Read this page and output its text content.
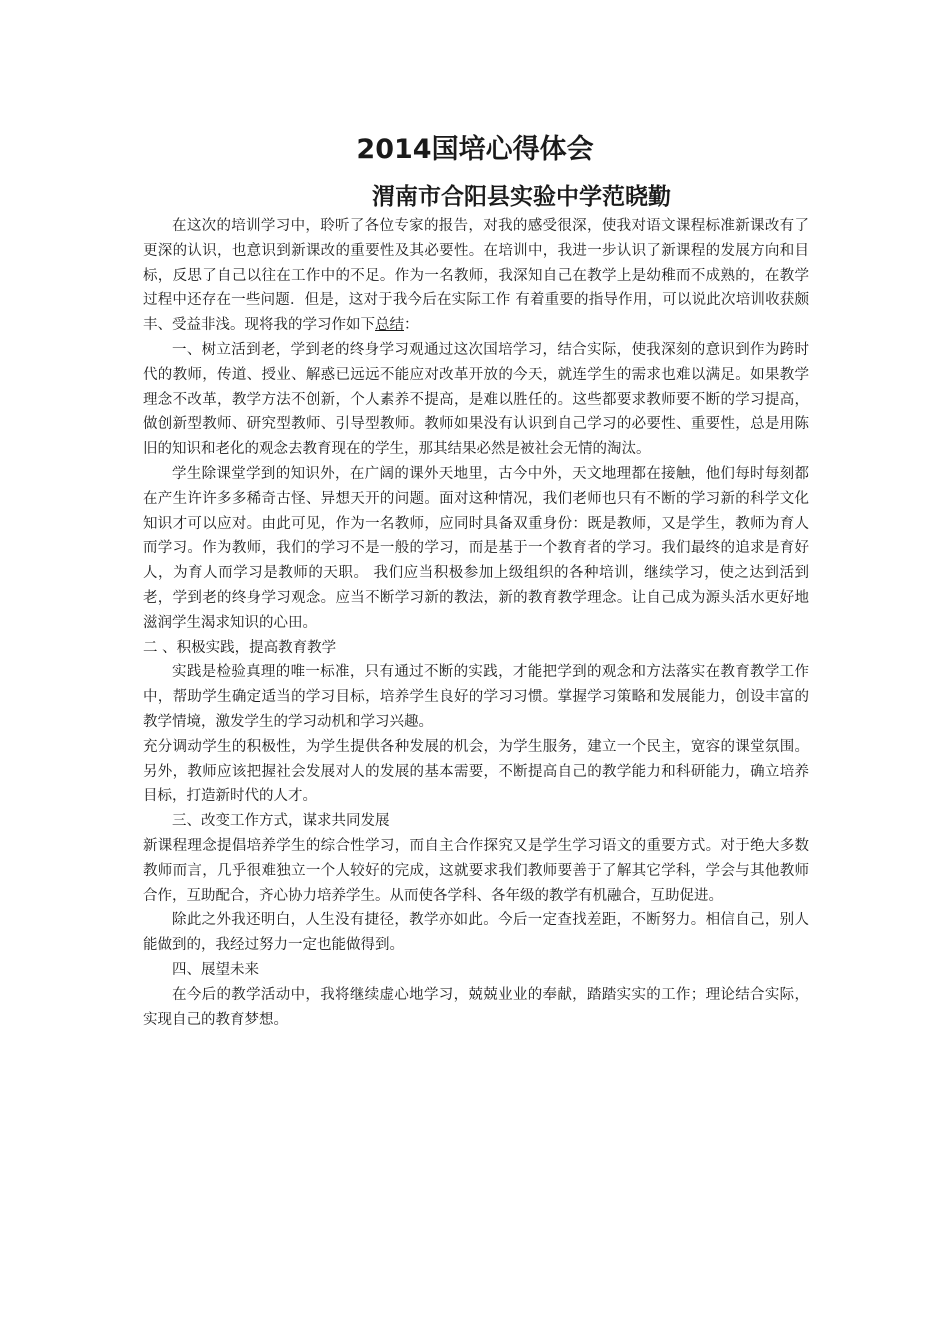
2014国培心得体会
渭南市合阳县实验中学范晓勤

在这次的培训学习中，聆听了各位专家的报告，对我的感受很深，使我对语文课程标准新课改有了更深的认识，也意识到新课改的重要性及其必要性。在培训中，我进一步认识了新课程的发展方向和目标，反思了自己以往在工作中的不足。作为一名教师，我深知自己在教学上是幼稚而不成熟的，在教学过程中还存在一些问题．但是，这对于我今后在实际工作 有着重要的指导作用，可以说此次培训收获颇丰、受益非浅。现将我的学习作如下总结：

一、树立活到老，学到老的终身学习观通过这次国培学习，结合实际，使我深刻的意识到作为跨时代的教师，传道、授业、解惑已远远不能应对改革开放的今天，就连学生的需求也难以满足。如果教学理念不改革，教学方法不创新，个人素养不提高，是难以胜任的。这些都要求教师要不断的学习提高，做创新型教师、研究型教师、引导型教师。教师如果没有认识到自己学习的必要性、重要性，总是用陈旧的知识和老化的观念去教育现在的学生，那其结果必然是被社会无情的淘汰。

学生除课堂学到的知识外，在广阔的课外天地里，古今中外，天文地理都在接触，他们每时每刻都在产生许许多多稀奇古怪、异想天开的问题。面对这种情况，我们老师也只有不断的学习新的科学文化知识才可以应对。由此可见，作为一名教师，应同时具备双重身份：既是教师，又是学生，教师为育人而学习。作为教师，我们的学习不是一般的学习，而是基于一个教育者的学习。我们最终的追求是育好人，为育人而学习是教师的天职。 我们应当积极参加上级组织的各种培训，继续学习，使之达到活到老，学到老的终身学习观念。应当不断学习新的教法，新的教育教学理念。让自己成为源头活水更好地滋润学生渴求知识的心田。

二 、积极实践，提高教育教学

实践是检验真理的唯一标准，只有通过不断的实践，才能把学到的观念和方法落实在教育教学工作中，帮助学生确定适当的学习目标，培养学生良好的学习习惯。掌握学习策略和发展能力，创设丰富的教学情境，激发学生的学习动机和学习兴趣。

充分调动学生的积极性，为学生提供各种发展的机会，为学生服务，建立一个民主，宽容的课堂氛围。另外，教师应该把握社会发展对人的发展的基本需要，不断提高自己的教学能力和科研能力，确立培养目标，打造新时代的人才。

三、改变工作方式，谋求共同发展

新课程理念提倡培养学生的综合性学习，而自主合作探究又是学生学习语文的重要方式。对于绝大多数教师而言，几乎很难独立一个人较好的完成，这就要求我们教师要善于了解其它学科，学会与其他教师合作，互助配合，齐心协力培养学生。从而使各学科、各年级的教学有机融合，互助促进。

除此之外我还明白，人生没有捷径，教学亦如此。今后一定查找差距，不断努力。相信自己，别人能做到的，我经过努力一定也能做得到。

四、展望未来

在今后的教学活动中，我将继续虚心地学习，兢兢业业的奉献，踏踏实实的工作；理论结合实际，实现自己的教育梦想。
